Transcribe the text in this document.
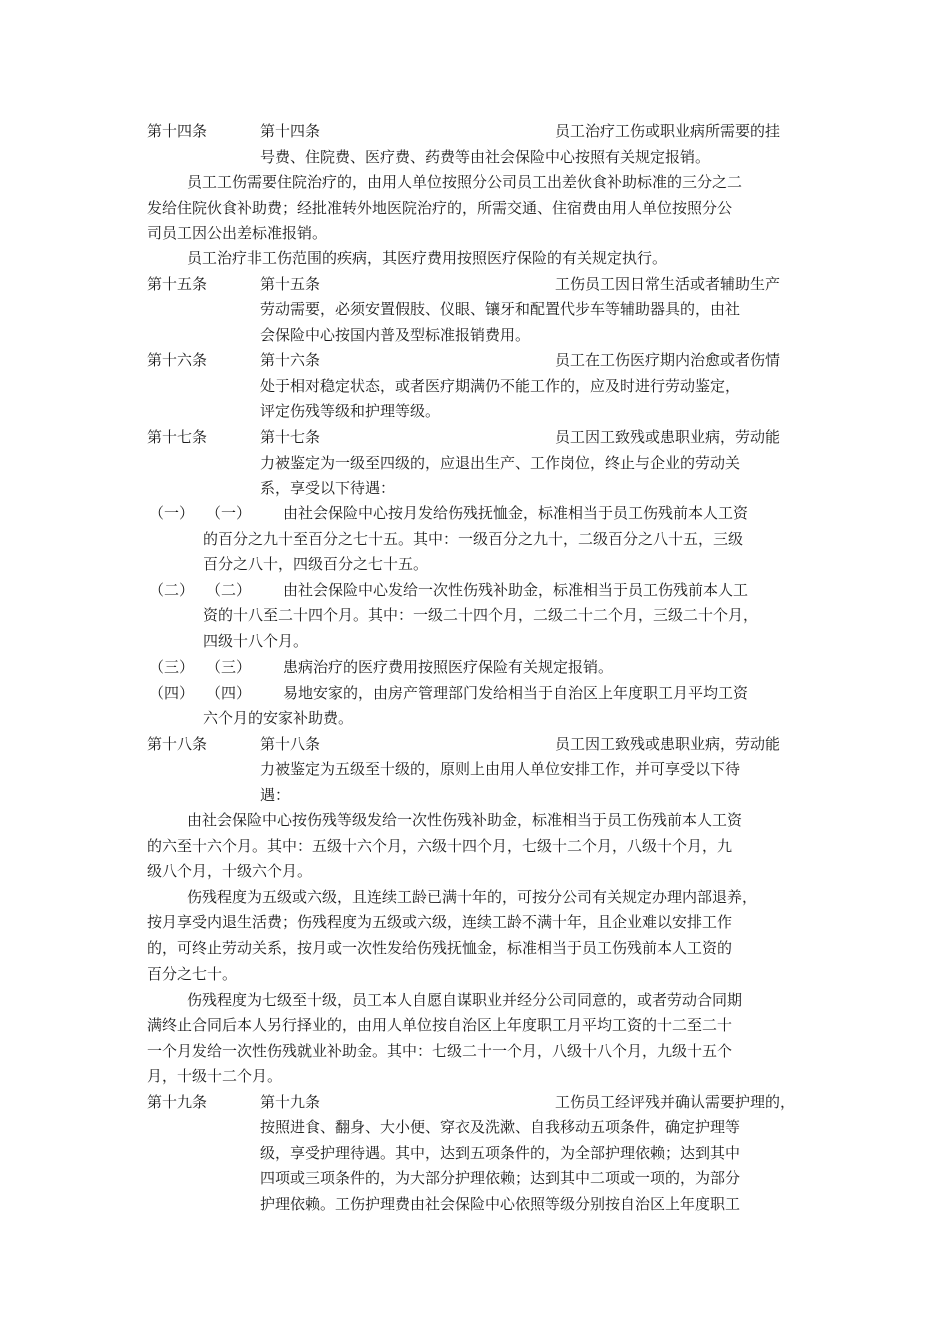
第十四条	第十四条	员工治疗工伤或职业病所需要的挂
号费、住院费、医疗费、药费等由社会保险中心按照有关规定报销。
员工工伤需要住院治疗的，由用人单位按照分公司员工出差伙食补助标准的三分之二
发给住院伙食补助费；经批准转外地医院治疗的，所需交通、住宿费由用人单位按照分公
司员工因公出差标准报销。
员工治疗非工伤范围的疾病，其医疗费用按照医疗保险的有关规定执行。
第十五条	第十五条	工伤员工因日常生活或者辅助生产
劳动需要，必须安置假肢、仪眼、镶牙和配置代步车等辅助器具的，由社
会保险中心按国内普及型标准报销费用。
第十六条	第十六条	员工在工伤医疗期内治愈或者伤情
处于相对稳定状态，或者医疗期满仍不能工作的，应及时进行劳动鉴定，
评定伤残等级和护理等级。
第十七条	第十七条	员工因工致残或患职业病，劳动能
力被鉴定为一级至四级的，应退出生产、工作岗位，终止与企业的劳动关
系，享受以下待遇：
（一） （一） 由社会保险中心按月发给伤残抚恤金，标准相当于员工伤残前本人工资
的百分之九十至百分之七十五。其中：一级百分之九十，二级百分之八十五，三级
百分之八十，四级百分之七十五。
（二） （二） 由社会保险中心发给一次性伤残补助金，标准相当于员工伤残前本人工
资的十八至二十四个月。其中：一级二十四个月，二级二十二个月，三级二十个月，
四级十八个月。
（三） （三） 患病治疗的医疗费用按照医疗保险有关规定报销。
（四） （四） 易地安家的，由房产管理部门发给相当于自治区上年度职工月平均工资
六个月的安家补助费。
第十八条	第十八条	员工因工致残或患职业病，劳动能
力被鉴定为五级至十级的，原则上由用人单位安排工作，并可享受以下待
遇：
由社会保险中心按伤残等级发给一次性伤残补助金，标准相当于员工伤残前本人工资
的六至十六个月。其中：五级十六个月，六级十四个月，七级十二个月，八级十个月，九
级八个月，十级六个月。
伤残程度为五级或六级，且连续工龄已满十年的，可按分公司有关规定办理内部退养，
按月享受内退生活费；伤残程度为五级或六级，连续工龄不满十年，且企业难以安排工作
的，可终止劳动关系，按月或一次性发给伤残抚恤金，标准相当于员工伤残前本人工资的
百分之七十。
伤残程度为七级至十级，员工本人自愿自谋职业并经分公司同意的，或者劳动合同期
满终止合同后本人另行择业的，由用人单位按自治区上年度职工月平均工资的十二至二十
一个月发给一次性伤残就业补助金。其中：七级二十一个月，八级十八个月，九级十五个
月，十级十二个月。
第十九条	第十九条	工伤员工经评残并确认需要护理的，
按照进食、翻身、大小便、穿衣及洗漱、自我移动五项条件，确定护理等
级，享受护理待遇。其中，达到五项条件的，为全部护理依赖；达到其中
四项或三项条件的，为大部分护理依赖；达到其中二项或一项的，为部分
护理依赖。工伤护理费由社会保险中心依照等级分别按自治区上年度职工
